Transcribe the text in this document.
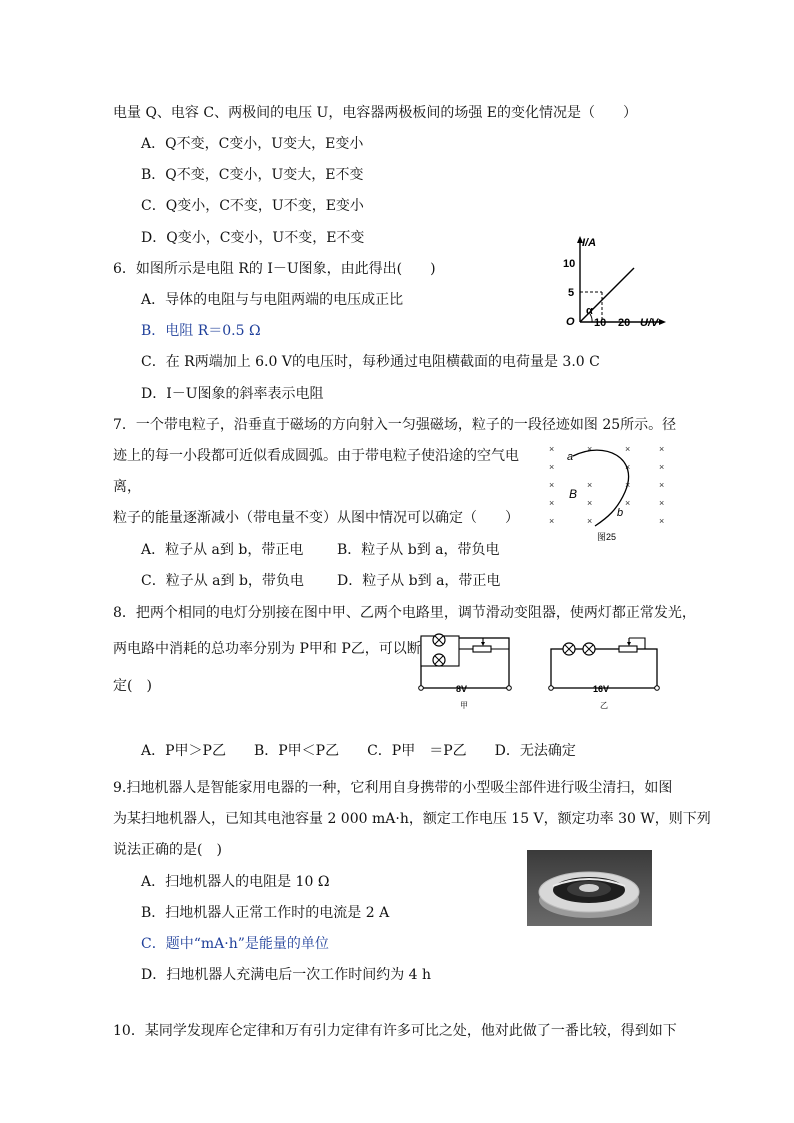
电量 Q、电容 C、两极间的电压 U，电容器两极板间的场强 E的变化情况是（　　）
A．Q不变，C变小，U变大，E变小
B．Q不变，C变小，U变大，E不变
C．Q变小，C不变，U不变，E变小
D．Q变小，C变小，U不变，E不变
6．如图所示是电阻 R的 I－U图象，由此得出(　　)
A．导体的电阻与与电阻两端的电压成正比
B．电阻 R＝0.5 Ω
C．在 R两端加上 6.0 V的电压时，每秒通过电阻横截面的电荷量是 3.0 C
D．I－U图象的斜率表示电阻
I/A
10
5
O
α
10 20 U/V
7．一个带电粒子，沿垂直于磁场的方向射入一匀强磁场，粒子的一段径迹如图 25所示。径
迹上的每一小段都可近似看成圆弧。由于带电粒子使沿途的空气电
离，
粒子的能量逐渐减小（带电量不变）从图中情况可以确定（　　）
A．粒子从 a到 b，带正电 B．粒子从 b到 a，带负电
C．粒子从 a到 b，带负电 D．粒子从 b到 a，带正电
×	×	×	×
×	×	×
×	×	×	×
×	×	×	×
×	×	×
a
b
B
图25
8．把两个相同的电灯分别接在图中甲、乙两个电路里，调节滑动变阻器，使两灯都正常发光，
两电路中消耗的总功率分别为 P甲和 P乙，可以断
定(　)
A．P甲＞P乙　　B．P甲＜P乙　　C．P甲　＝P乙　　D．无法确定
8V
甲
16V
乙
9.扫地机器人是智能家用电器的一种，它利用自身携带的小型吸尘部件进行吸尘清扫，如图
为某扫地机器人，已知其电池容量 2 000 mA·h，额定工作电压 15 V，额定功率 30 W，则下列
说法正确的是(　)
A．扫地机器人的电阻是 10 Ω
B．扫地机器人正常工作时的电流是 2 A
C．题中“mA·h”是能量的单位
D．扫地机器人充满电后一次工作时间约为 4 h
10．某同学发现库仑定律和万有引力定律有许多可比之处，他对此做了一番比较，得到如下
